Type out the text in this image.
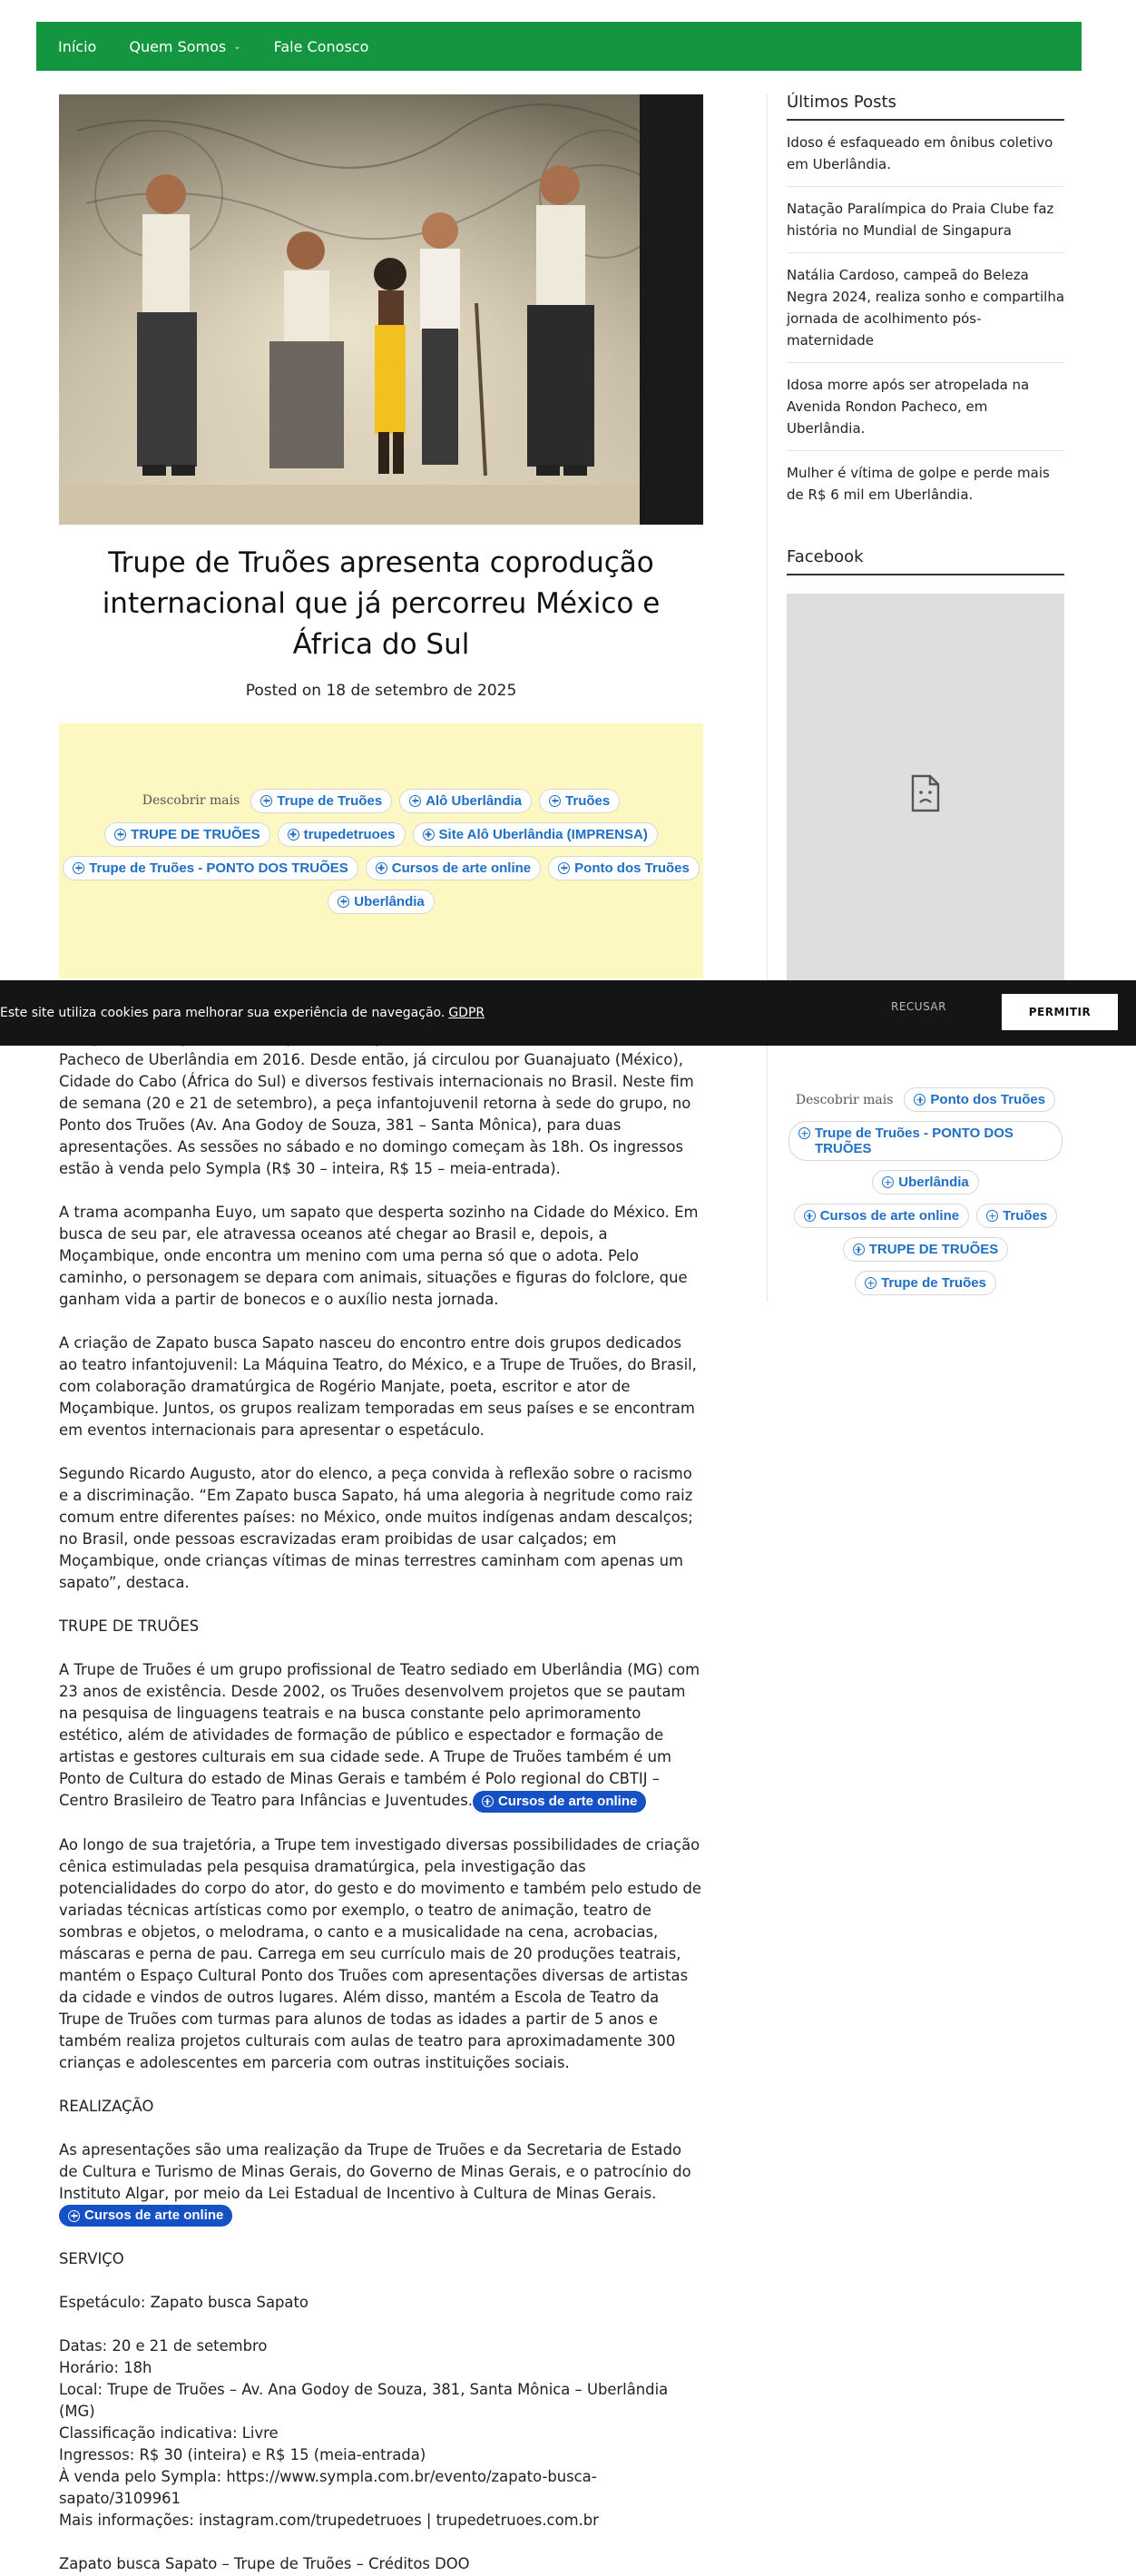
Início Quem Somos ⌄ Fale Conosco
Trupe de Truões apresenta coprodução internacional que já percorreu México e África do Sul
Posted on 18 de setembro de 2025
Descobrir mais	Trupe de Truões	Alô Uberlândia	Truões
TRUPE DE TRUÕES	trupedetruoes	Site Alô Uberlândia (IMPRENSA)
Trupe de Truões - PONTO DOS TRUÕES	Cursos de arte online	Ponto dos Truões
Uberlândia

Pacheco de Uberlândia em 2016. Desde então, já circulou por Guanajuato (México), Cidade do Cabo (África do Sul) e diversos festivais internacionais no Brasil. Neste fim de semana (20 e 21 de setembro), a peça infantojuvenil retorna à sede do grupo, no Ponto dos Truões (Av. Ana Godoy de Souza, 381 – Santa Mônica), para duas apresentações. As sessões no sábado e no domingo começam às 18h. Os ingressos estão à venda pelo Sympla (R$ 30 – inteira, R$ 15 – meia-entrada).

A trama acompanha Euyo, um sapato que desperta sozinho na Cidade do México. Em busca de seu par, ele atravessa oceanos até chegar ao Brasil e, depois, a Moçambique, onde encontra um menino com uma perna só que o adota. Pelo caminho, o personagem se depara com animais, situações e figuras do folclore, que ganham vida a partir de bonecos e o auxílio nesta jornada.

A criação de Zapato busca Sapato nasceu do encontro entre dois grupos dedicados ao teatro infantojuvenil: La Máquina Teatro, do México, e a Trupe de Truões, do Brasil, com colaboração dramatúrgica de Rogério Manjate, poeta, escritor e ator de Moçambique. Juntos, os grupos realizam temporadas em seus países e se encontram em eventos internacionais para apresentar o espetáculo.

Segundo Ricardo Augusto, ator do elenco, a peça convida à reflexão sobre o racismo e a discriminação. “Em Zapato busca Sapato, há uma alegoria à negritude como raiz comum entre diferentes países: no México, onde muitos indígenas andam descalços; no Brasil, onde pessoas escravizadas eram proibidas de usar calçados; em Moçambique, onde crianças vítimas de minas terrestres caminham com apenas um sapato”, destaca.

TRUPE DE TRUÕES

A Trupe de Truões é um grupo profissional de Teatro sediado em Uberlândia (MG) com 23 anos de existência. Desde 2002, os Truões desenvolvem projetos que se pautam na pesquisa de linguagens teatrais e na busca constante pelo aprimoramento estético, além de atividades de formação de público e espectador e formação de artistas e gestores culturais em sua cidade sede. A Trupe de Truões também é um Ponto de Cultura do estado de Minas Gerais e também é Polo regional do CBTIJ – Centro Brasileiro de Teatro para Infâncias e Juventudes. Cursos de arte online

Ao longo de sua trajetória, a Trupe tem investigado diversas possibilidades de criação cênica estimuladas pela pesquisa dramatúrgica, pela investigação das potencialidades do corpo do ator, do gesto e do movimento e também pelo estudo de variadas técnicas artísticas como por exemplo, o teatro de animação, teatro de sombras e objetos, o melodrama, o canto e a musicalidade na cena, acrobacias, máscaras e perna de pau. Carrega em seu currículo mais de 20 produções teatrais, mantém o Espaço Cultural Ponto dos Truões com apresentações diversas de artistas da cidade e vindos de outros lugares. Além disso, mantém a Escola de Teatro da Trupe de Truões com turmas para alunos de todas as idades a partir de 5 anos e também realiza projetos culturais com aulas de teatro para aproximadamente 300 crianças e adolescentes em parceria com outras instituições sociais.

REALIZAÇÃO

As apresentações são uma realização da Trupe de Truões e da Secretaria de Estado de Cultura e Turismo de Minas Gerais, do Governo de Minas Gerais, e o patrocínio do Instituto Algar, por meio da Lei Estadual de Incentivo à Cultura de Minas Gerais.

Cursos de arte online

SERVIÇO

Espetáculo: Zapato busca Sapato

Datas: 20 e 21 de setembro

Horário: 18h

Local: Trupe de Truões – Av. Ana Godoy de Souza, 381, Santa Mônica – Uberlândia (MG)

Classificação indicativa: Livre

Ingressos: R$ 30 (inteira) e R$ 15 (meia-entrada)

À venda pelo Sympla: https://www.sympla.com.br/evento/zapato-busca-sapato/3109961

Mais informações: instagram.com/trupedetruoes | trupedetruoes.com.br

Zapato busca Sapato – Trupe de Truões – Créditos DOO

Últimos Posts
Idoso é esfaqueado em ônibus coletivo em Uberlândia.
Natação Paralímpica do Praia Clube faz história no Mundial de Singapura
Natália Cardoso, campeã do Beleza Negra 2024, realiza sonho e compartilha jornada de acolhimento pós-maternidade
Idosa morre após ser atropelada na Avenida Rondon Pacheco, em Uberlândia.
Mulher é vítima de golpe e perde mais de R$ 6 mil em Uberlândia.
Facebook
Descobrir mais	Ponto dos Truões
Trupe de Truões - PONTO DOS TRUÕES
Uberlândia
Cursos de arte online	Truões
TRUPE DE TRUÕES
Trupe de Truões
Este site utiliza cookies para melhorar sua experiência de navegação. GDPR	RECUSAR	PERMITIR
